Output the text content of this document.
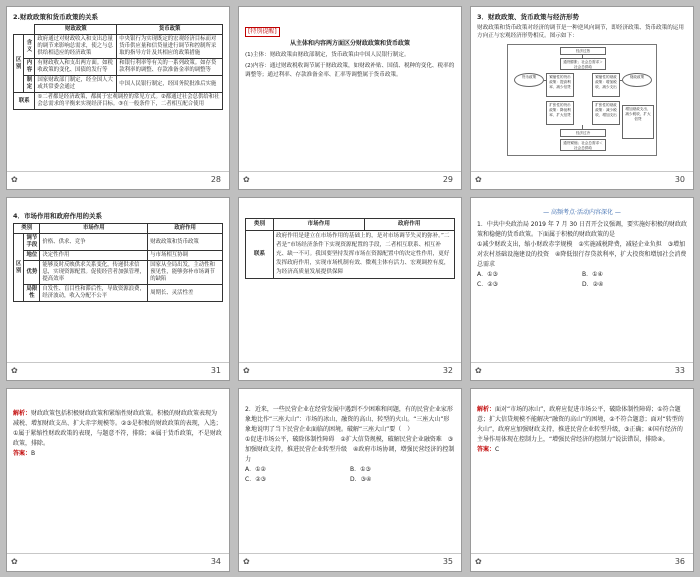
2.财政政策和货币政策的关系
		财政政策	货币政策
区别	含义	政府通过对财政收入和支出总量的调节来影响总需求，使之与总供给相适应的经济政策	中央银行为实现既定的宏观经济目标而对货币供应量和信贷量进行调节和控制所采取的指导方针及其相应的政策措施
	内容	有财政收入和支出两方面。如税收政策的变化、国债的发行等	和银行利率等有关的一系列政策。如存贷款利率的调整、存款准备金率的调整等
	制定	国家财政部门制定，经全国人大或其常委会通过	中国人民银行制定，经国务院批准后实施
联系		①二者都是经济政策，都属于宏观调控的常见方式。②都通过社会总供给和社会总需求的平衡来实现经济目标。③在一般条件下，二者相互配合使用	
✿	28
[特别提醒]
从主体和内容两方面区分财政政策和货币政策
(1)主体：财政政策由财政部制定，货币政策由中国人民银行制定。
(2)内容：通过财政税收调节属于财政政策，如财政补贴、国债、税种的变化、税率的调整等；通过利率、存款准备金率、汇率等调整属于货币政策。
✿	29
3．财政政策、货币政策与经济形势
财政政策和货币政策对经济的调节是一种逆风向调节，即经济政策、货币政策的运用方向正与宏观经济形势相反。图示如下：
经济过热
通货膨胀；社会总需求＞社会总供给
货币政策	财政政策
紧缩性的财政政策：增加税收、减少支出
紧缩性的货币政策：提高利率、减少信贷
扩张性的货币政策：降低利率、扩大信贷
扩张性的财政政策：减少税收、增加支出
经济过冷
通货紧缩；社会总需求＜社会总供给
增加财政支出、减少税收、扩大信贷
✿	30
4．市场作用和政府作用的关系
类别		市场作用	政府作用
区别	调节手段	价格、供求、竞争	财政政策和货币政策
	地位	决定性作用	与市场相互协调
	优势	能够及时反映供求关系变化，传递供求信息，实现资源配置。促使经营者加强管理，提高效率	国家从全局出发，主动性和预见性，能够弥补市场调节的缺陷
	局限性	自发性、盲目性和滞后性，导致资源浪费，经济波动，收入分配不公平	周期长、灵活性差
✿	31
类别	市场作用	政府作用
联系	政府作用是建立在市场作用的基础上的，是对市场调节失灵的弥补。”二者是“市场经济条件下实现资源配置的手段，二者相互联系、相互补充、缺一不可。我国要坚持发挥市场在资源配置中的决定性作用，更好发挥政府作用，实现市场机制有效、微观主体有活力、宏观调控有度，为经济高质量发展提供保障	
✿	32
— 高频考点·活动内容深化 —
1．中共中央政治局 2019 年 7 月 30 日召开会议强调，要实施好积极的财政政策和稳健的货币政策。下面属于积极的财政政策的是
①减少财政支出，缩小财政赤字规模　②实施减税降费，减轻企业负担　③增加对农村基础设施建设的投资　④降低银行存贷款利率，扩大投资和增加社会消费总需求
A．①③	B．①④
C．②③	D．②④
✿	33
解析：财政政策包括积极财政政策和紧缩性财政政策。积极的财政政策表现为减税、增加财政支出、扩大赤字规模等。②③是积极的财政政策的表现，入选；①属于紧缩性财政政策的表现，与题意不符，排除；④属于货币政策，不是财政政策，排除。
答案：B
✿	34
2．近来，一些民营企业在经营发展中遇到不少困难和问题，有的民营企业家形象地比作“三座大山”：市场的冰山、融资的高山、转型的火山。“三座大山”形象地说明了当下民营企业面临的困境。破解“三座大山”要（　）
①促进市场公平，破除体制性障碍　②扩大信贷规模，破解民营企业融资难　③加强财政支持，推进民营企业转型升级　④政府市场协调，增强民营经济的控制力
A．①②	B．①③
C．②③	D．③④
✿	35
解析：面对“市场的冰山”，政府应促进市场公平，破除体制性障碍；①符合题意；扩大信贷规模不能解决“融资的高山”的困境，②不符合题意；面对“转型的火山”，政府应加强财政支持，推进民营企业转型升级，③正确；④国有经济的主导作用体现在控制力上，“增强民营经济的控制力”说法错误，排除④。
答案：C
✿	36
